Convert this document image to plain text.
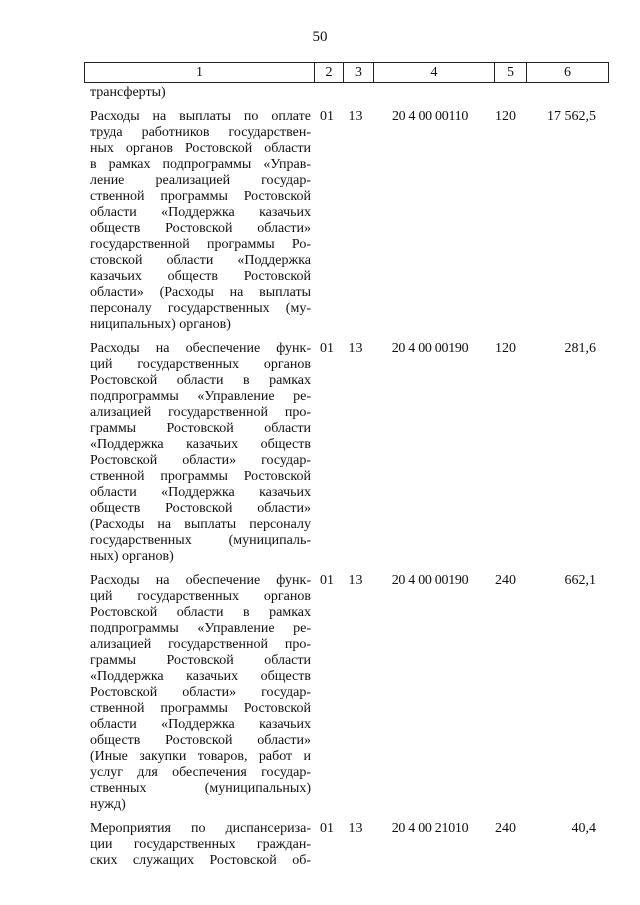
50
1	2	3	4	5	6
трансферты)
Расходы на выплаты по оплате
труда работников государствен-
ных органов Ростовской области
в рамках подпрограммы «Управ-
ление реализацией государ-
ственной программы Ростовской
области «Поддержка казачьих
обществ Ростовской области»
государственной программы Ро-
стовской области «Поддержка
казачьих обществ Ростовской
области» (Расходы на выплаты
персоналу государственных (му-
ниципальных) органов)
01	13	20 4 00 00110	120	17 562,5
Расходы на обеспечение функ-
ций государственных органов
Ростовской области в рамках
подпрограммы «Управление ре-
ализацией государственной про-
граммы Ростовской области
«Поддержка казачьих обществ
Ростовской области» государ-
ственной программы Ростовской
области «Поддержка казачьих
обществ Ростовской области»
(Расходы на выплаты персоналу
государственных (муниципаль-
ных) органов)
01	13	20 4 00 00190	120	281,6
Расходы на обеспечение функ-
ций государственных органов
Ростовской области в рамках
подпрограммы «Управление ре-
ализацией государственной про-
граммы Ростовской области
«Поддержка казачьих обществ
Ростовской области» государ-
ственной программы Ростовской
области «Поддержка казачьих
обществ Ростовской области»
(Иные закупки товаров, работ и
услуг для обеспечения государ-
ственных (муниципальных)
нужд)
01	13	20 4 00 00190	240	662,1
Мероприятия по диспансериза-
ции государственных граждан-
ских служащих Ростовской об-
01	13	20 4 00 21010	240	40,4
